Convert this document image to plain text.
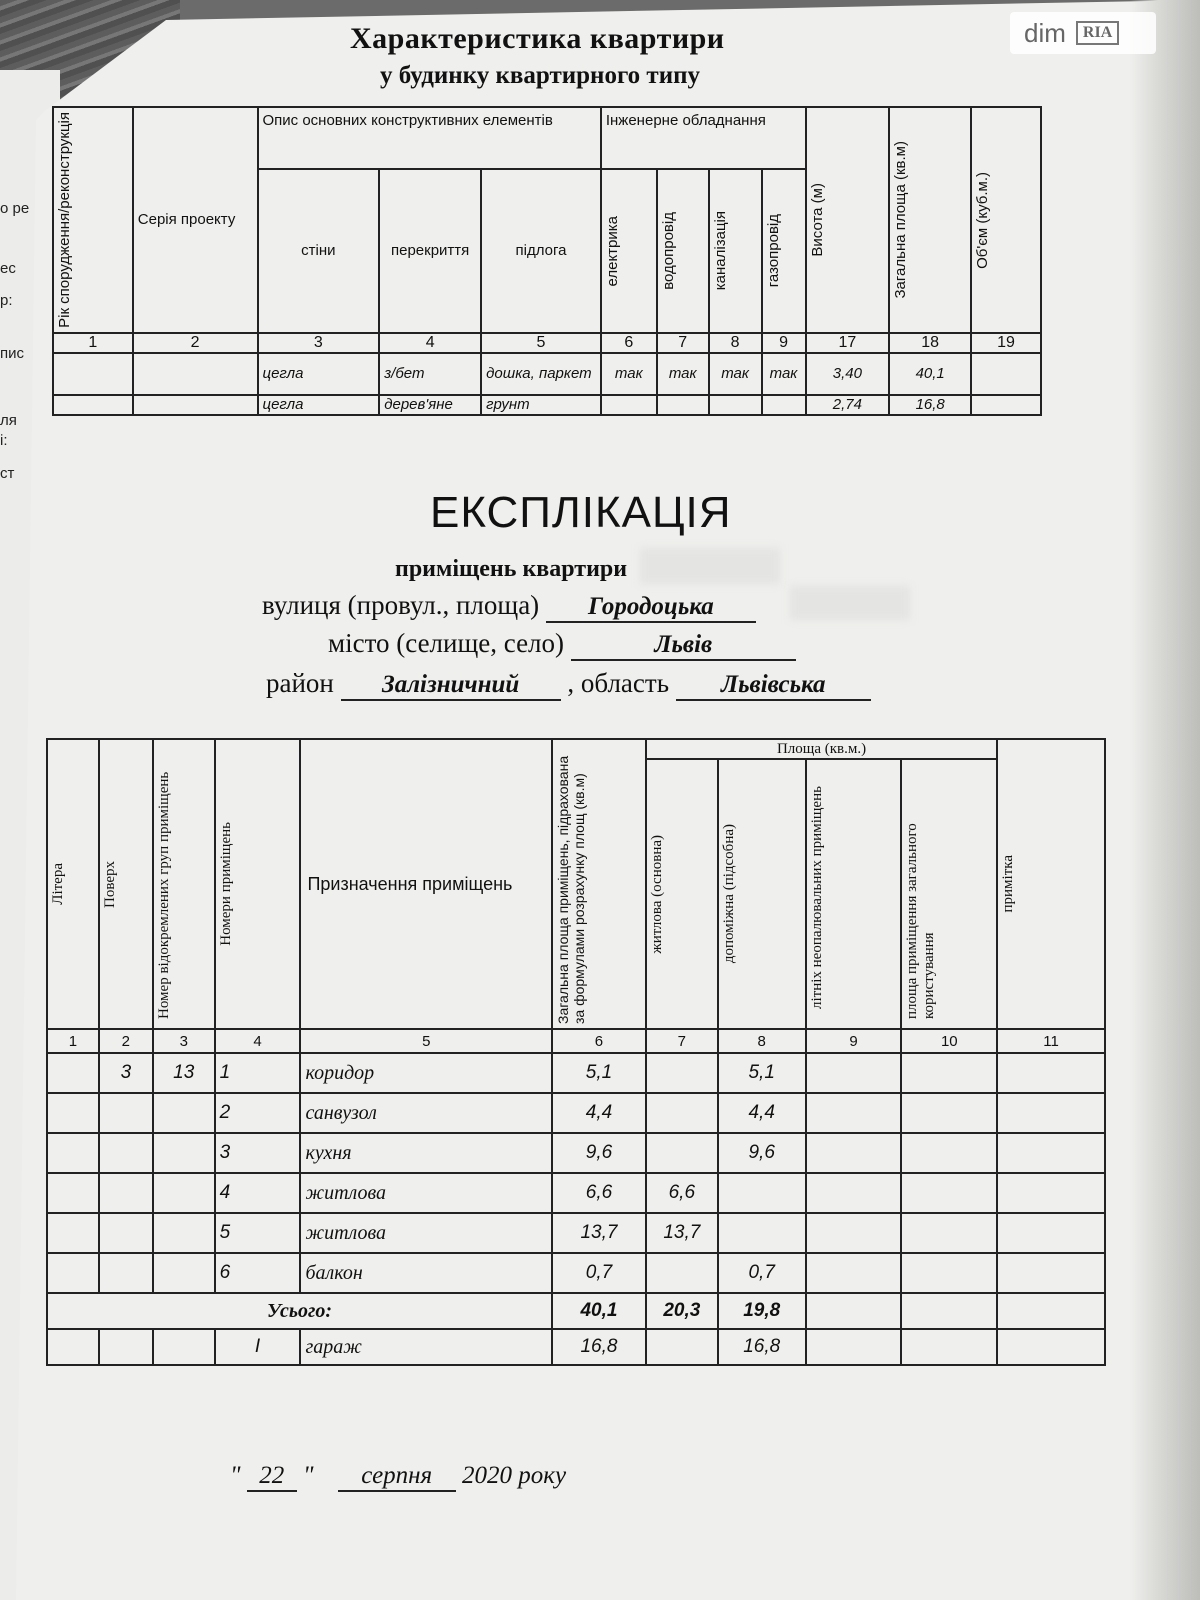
о ре
ес
р:
пис
ля
і:
ст
dim	RIA
Характеристика квартири
у будинку квартирного типу
Рік спорудження/реконструкція	Серія проекту	Опис основних конструктивних елементів			Інженерне обладнання				Висота (м)	Загальна площа (кв.м)	Об'єм (куб.м.)

		стіни	перекриття	підлога	електрика	водопровід	каналізація	газопровід			

1	2	3	4	5	6	7	8	9	17	18	19
		цегла	з/бет	дошка, паркет	так	так	так	так	3,40	40,1	
		цегла	дерев'яне	грунт					2,74	16,8	
ЕКСПЛІКАЦІЯ
приміщень квартири
вулиця (провул., площа) Городоцька
місто (селище, село)	Львів
район Залізничний , область Львівська
Літера	Поверх	Номер відокремлених груп приміщень	Номери приміщень	Призначення приміщень	Загальна площа приміщень, підрахована за формулами розрахунку площ (кв.м)	Площа (кв.м.)				примітка

						житлова (основна)	допоміжна (підсобна)	літніх неопалювальних приміщень	площа приміщення загального користування	

1	2	3	4	5	6	7	8	9	10	11
	3	13	1	коридор	5,1		5,1			
			2	санвузол	4,4		4,4			
			3	кухня	9,6		9,6			
			4	житлова	6,6	6,6				
			5	житлова	13,7	13,7				
			6	балкон	0,7		0,7			
Усього:					40,1	20,3	19,8			
			I	гараж	16,8		16,8			
" 22 " серпня 2020 року
